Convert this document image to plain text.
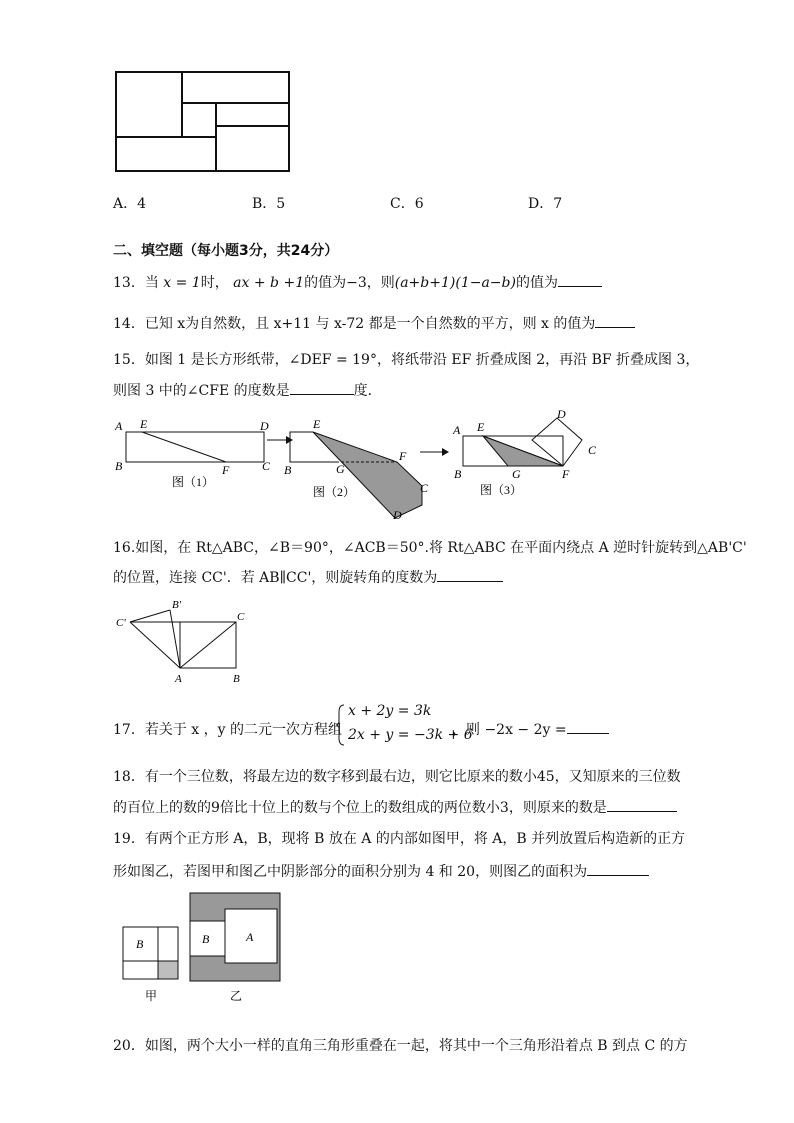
A．4	B．5	C．6	D．7
二、填空题（每小题3分，共24分）
13．当 x = 1时， ax + b +1的值为−3，则(a+b+1)(1−a−b)的值为
14．已知 x为自然数，且 x+11 与 x-72 都是一个自然数的平方，则 x 的值为
15．如图 1 是长方形纸带，∠DEF = 19°，将纸带沿 EF 折叠成图 2，再沿 BF 折叠成图 3，
则图 3 中的∠CFE 的度数是	度．
A E	D
B	F	C
图（1）
E
B	G
F
C
D
图（2）
A E
D
C
B	G	F
图（3）
16.如图，在 Rt△ABC，∠B＝90°，∠ACB＝50°.将 Rt△ABC 在平面内绕点 A 逆时针旋转到△AB'C'
的位置，连接 CC'．若 AB∥CC'，则旋转角的度数为
B'
C'	C
A	B
17．若关于 x ，y 的二元一次方程组
x + 2y = 3k
2x + y = −3k + 6
，则 −2x − 2y =
18．有一个三位数，将最左边的数字移到最右边，则它比原来的数小45，又知原来的三位数
的百位上的数的9倍比十位上的数与个位上的数组成的两位数小3，则原来的数是
19．有两个正方形 A，B，现将 B 放在 A 的内部如图甲，将 A，B 并列放置后构造新的正方
形如图乙，若图甲和图乙中阴影部分的面积分别为 4 和 20，则图乙的面积为
B
甲
B	A
乙
20．如图，两个大小一样的直角三角形重叠在一起，将其中一个三角形沿着点 B 到点 C 的方
